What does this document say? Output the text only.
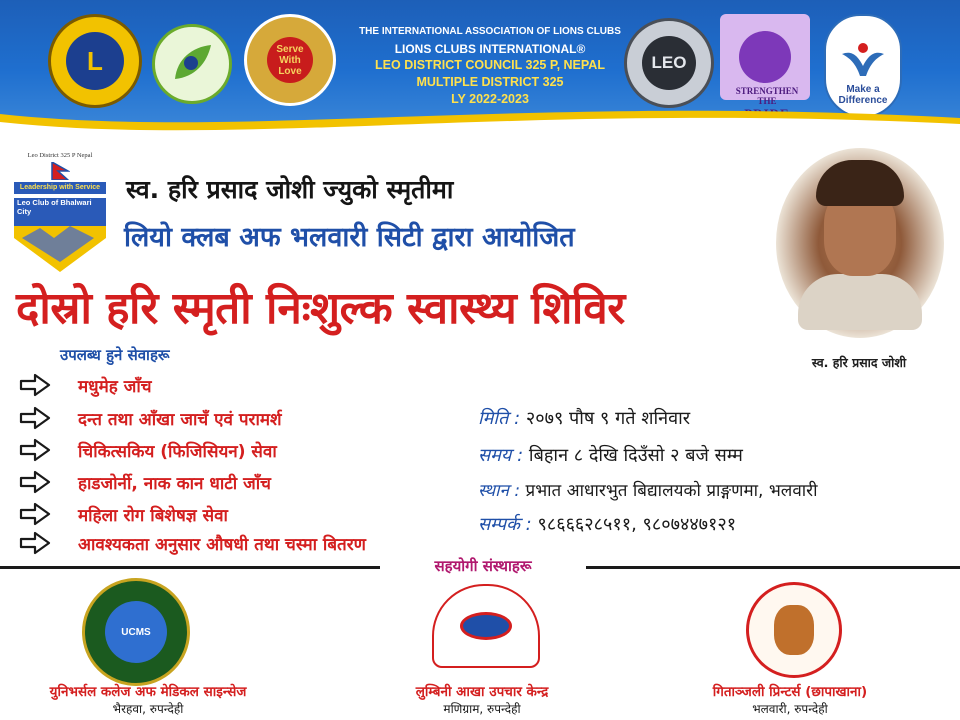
THE INTERNATIONAL ASSOCIATION OF LIONS CLUBS
LIONS CLUBS INTERNATIONAL®
LEO DISTRICT COUNCIL 325 P, NEPAL
MULTIPLE DISTRICT 325
LY 2022-2023
L	Serve With Love	LEO
STRENGTHEN THE
Make a
Difference
Leo District 325 P Nepal
Leadership with Service
Leo Club of Bhalwari
City
स्व. हरि प्रसाद जोशी ज्युको स्मृतीमा
लियो क्लब अफ भलवारी सिटी द्वारा आयोजित
दोस्रो हरि स्मृती निःशुल्क स्वास्थ्य शिविर
स्व. हरि प्रसाद जोशी
उपलब्ध हुने सेवाहरू
मधुमेह जाँच
दन्त तथा आँखा जाचँ एवं परामर्श
चिकित्सकिय (फिजिसियन) सेवा
हाडजोर्नी, नाक कान धाटी जाँच
महिला रोग बिशेषज्ञ सेवा
आवश्यकता अनुसार औषधी तथा चस्मा बितरण
मिति : २०७९ पौष ९ गते शनिवार
समय : बिहान ८ देखि दिउँसो २ बजे सम्म
स्थान : प्रभात आधारभुत बिद्यालयको प्राङ्गणमा, भलवारी
सम्पर्क : ९८६६६२८५११, ९८०७४४७१२१
सहयोगी संस्थाहरू
UCMS
युनिभर्सल कलेज अफ मेडिकल साइन्सेज
भैरहवा, रुपन्देही
लुम्बिनी आखा उपचार केन्द्र
मणिग्राम, रुपन्देही
गिताञ्जली प्रिन्टर्स (छापाखाना)
भलवारी, रुपन्देही
